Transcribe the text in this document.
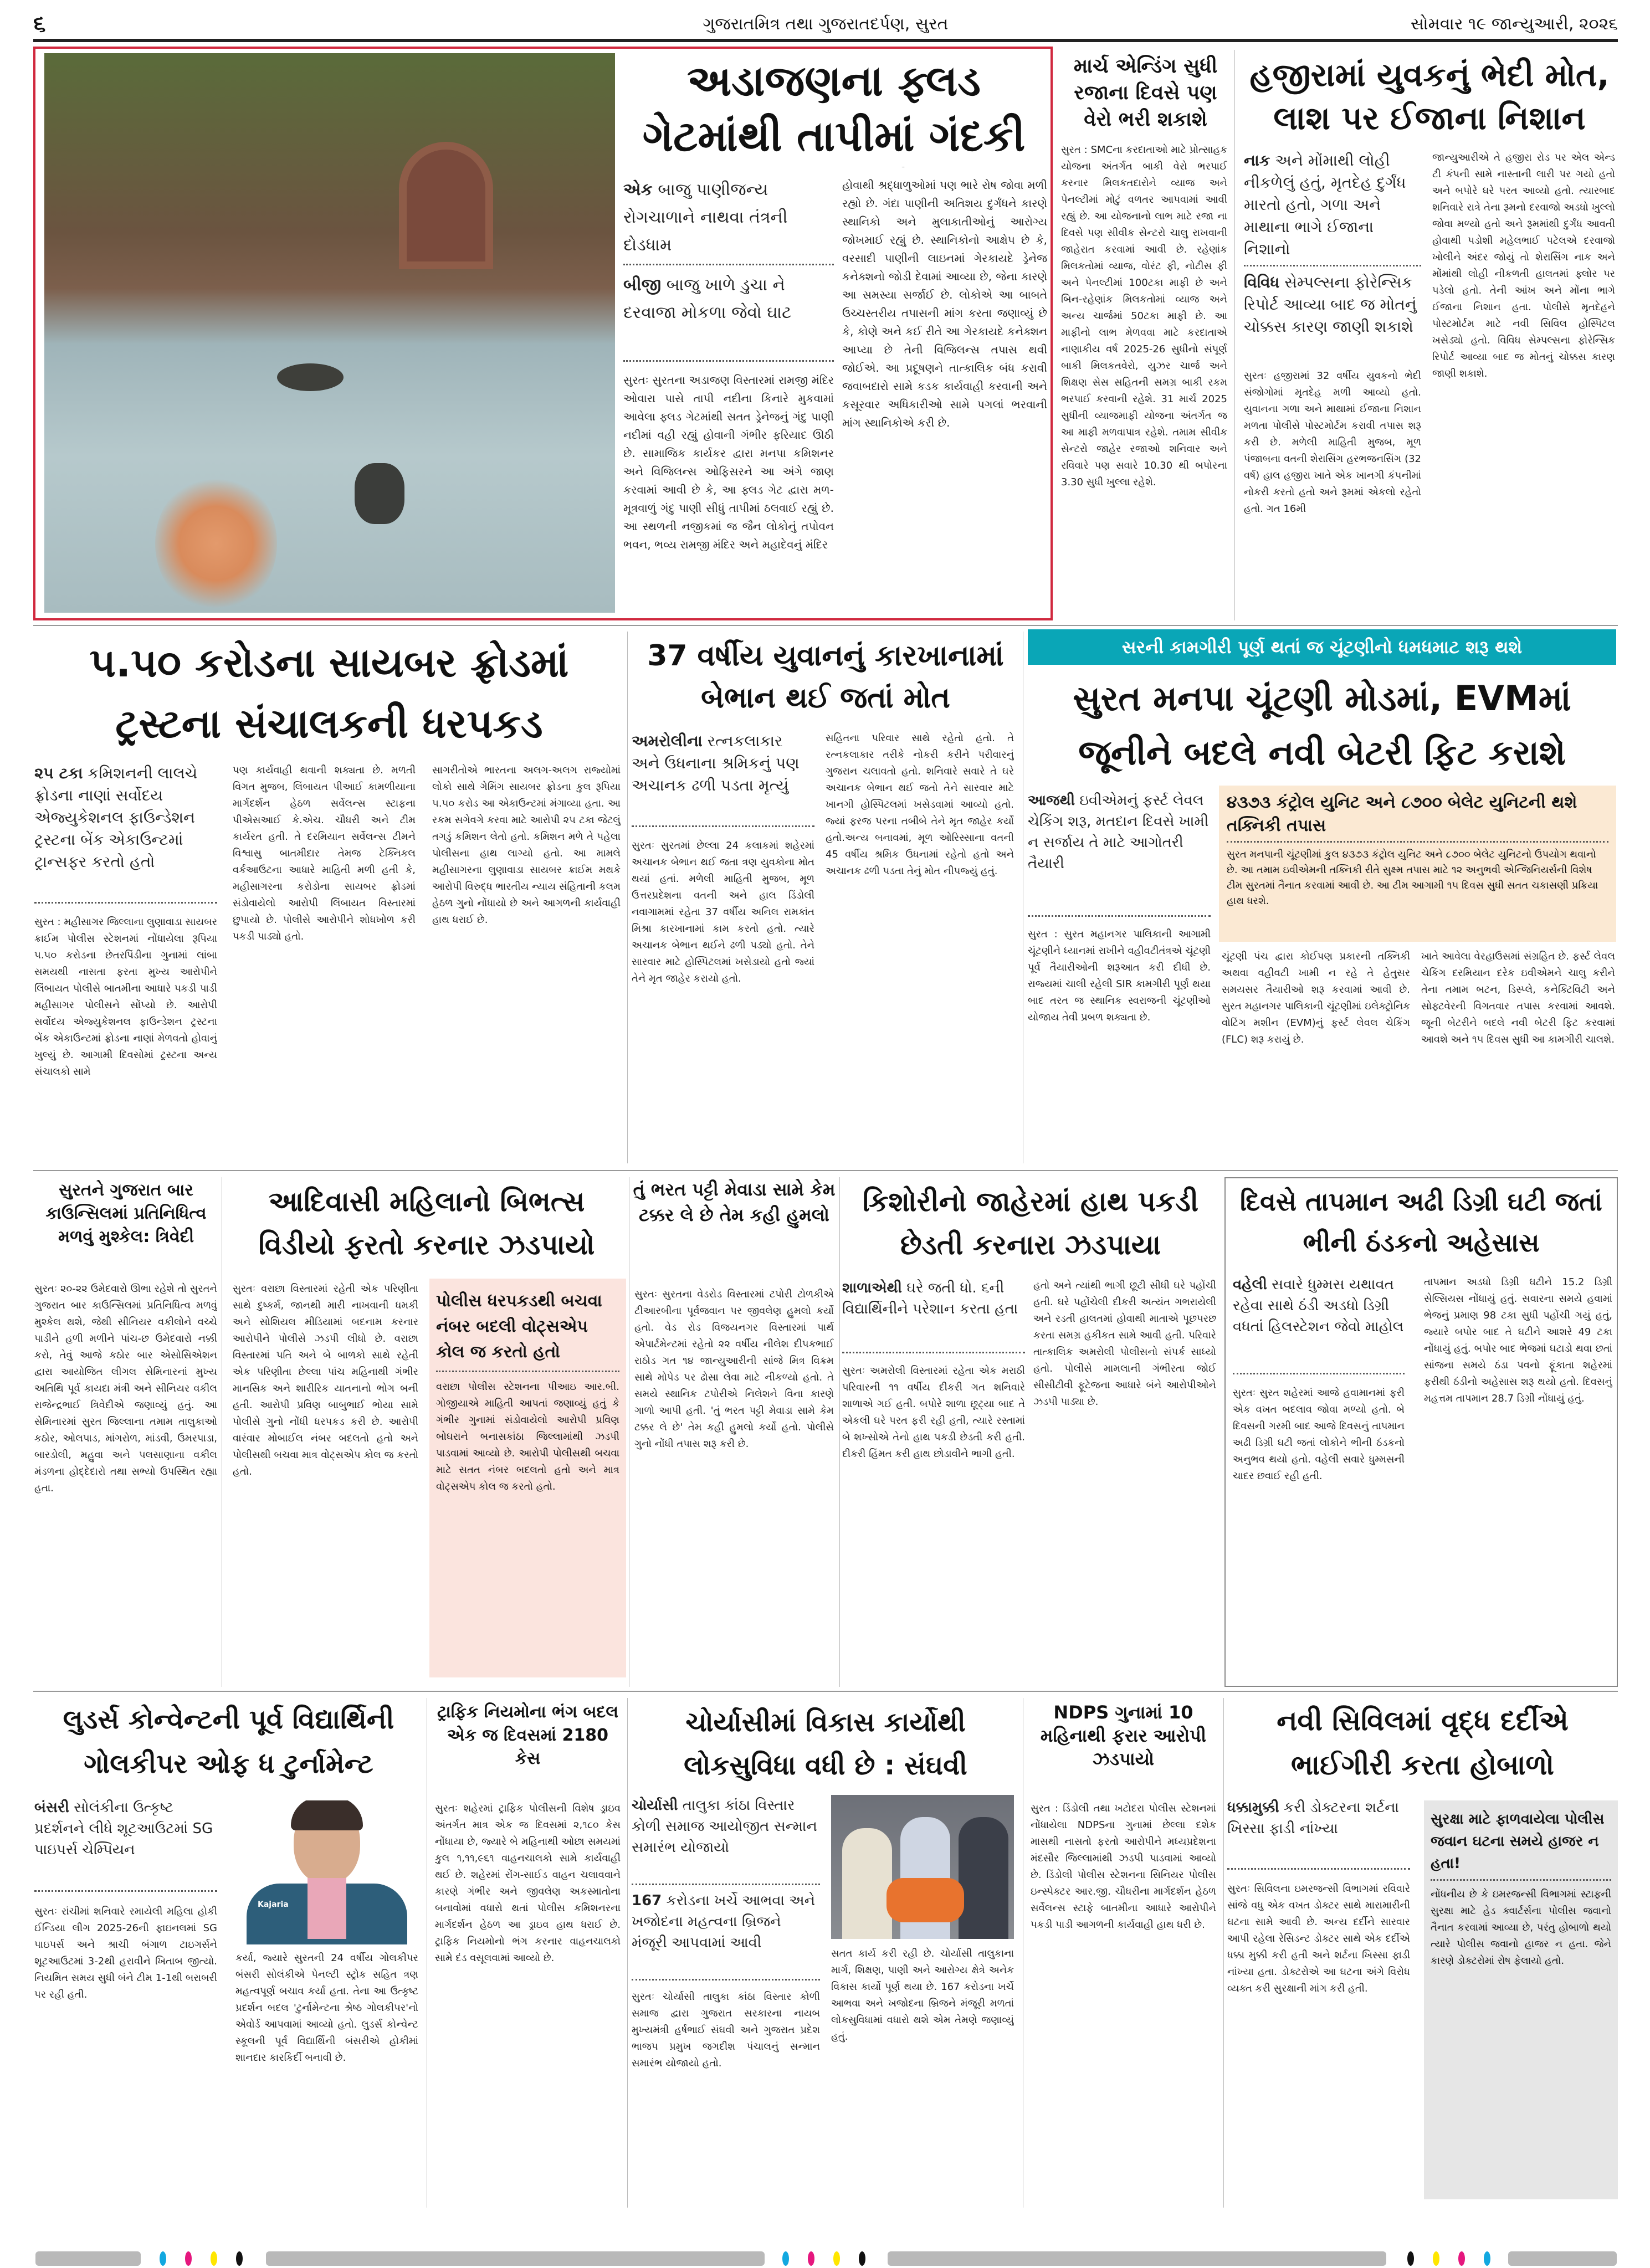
૬	ગુજરાતમિત્ર તથા ગુજરાતદર્પણ, સુરત	સોમવાર ૧૯ જાન્યુઆરી, ૨૦૨૬
અડાજણના ફ્લડ ગેટમાંથી તાપીમાં ગંદકી
એક બાજુ પાણીજન્ય રોગચાળાને નાથવા તંત્રની દોડધામ
બીજી બાજુ ખાળે ડુચા ને દરવાજા મોકળા જેવો ઘાટ
સુરતઃ સુરતના અડાજણ વિસ્તારમાં રામજી મંદિર ઓવારા પાસે તાપી નદીના કિનારે મુકવામાં આવેલા ફ્લડ ગેટમાંથી સતત ડ્રેનેજનું ગંદુ પાણી નદીમાં વહી રહ્યું હોવાની ગંભીર ફરિયાદ ઊઠી છે. સામાજિક કાર્યકર દ્વારા મનપા કમિશનર અને વિજિલન્સ ઓફિસરને આ અંગે જાણ કરવામાં આવી છે કે, આ ફ્લડ ગેટ દ્વારા મળ-મૂત્રવાળું ગંદુ પાણી સીધું તાપીમાં ઠલવાઈ રહ્યું છે. આ સ્થળની નજીકમાં જ જૈન લોકોનું તપોવન ભવન, ભવ્ય રામજી મંદિર અને મહાદેવનું મંદિર
હોવાથી શ્રદ્ધાળુઓમાં પણ ભારે રોષ જોવા મળી રહ્યો છે. ગંદા પાણીની અતિશય દુર્ગંધને કારણે સ્થાનિકો અને મુલાકાતીઓનું આરોગ્ય જોખમાઈ રહ્યું છે. સ્થાનિકોનો આક્ષેપ છે કે, વરસાદી પાણીની લાઇનમાં ગેરકાયદે ડ્રેનેજ કનેક્શનો જોડી દેવામાં આવ્યા છે, જેના કારણે આ સમસ્યા સર્જાઈ છે. લોકોએ આ બાબતે ઉચ્ચસ્તરીય તપાસની માંગ કરતા જણાવ્યું છે કે, કોણે અને કઈ રીતે આ ગેરકાયદે કનેક્શન આપ્યા છે તેની વિજિલન્સ તપાસ થવી જોઈએ. આ પ્રદૂષણને તાત્કાલિક બંધ કરાવી જવાબદારો સામે કડક કાર્યવાહી કરવાની અને કસૂરવાર અધિકારીઓ સામે પગલાં ભરવાની માંગ સ્થાનિકોએ કરી છે.
માર્ચ એન્ડિંગ સુધી રજાના દિવસે પણ વેરો ભરી શકાશે
સુરત : SMCના કરદાતાઓ માટે પ્રોત્સાહક યોજના અંતર્ગત બાકી વેરો ભરપાઈ કરનાર મિલકતદારોને વ્યાજ અને પેનલ્ટીમાં મોટું વળતર આપવામાં આવી રહ્યું છે. આ યોજનાનો લાભ માટે રજા ના દિવસે પણ સીવીક સેન્ટરો ચાલુ રાખવાની જાહેરાત કરવામાં આવી છે. રહેણાંક મિલકતોમાં વ્યાજ, વોરંટ ફી, નોટીસ ફી અને પેનલ્ટીમાં 100ટકા માફી છે અને બિન-રહેણાંક મિલકતોમાં વ્યાજ અને અન્ય ચાર્જમાં 50ટકા માફી છે. આ માફીનો લાભ મેળવવા માટે કરદાતાએ નાણાકીય વર્ષ 2025-26 સુધીનો સંપૂર્ણ બાકી મિલકતવેરો, યુઝર ચાર્જ અને શિક્ષણ સેસ સહિતની સમગ્ર બાકી રકમ ભરપાઈ કરવાની રહેશે. 31 માર્ચ 2025 સુધીની વ્યાજમાફી યોજના અંતર્ગત જ આ માફી મળવાપાત્ર રહેશે. તમામ સીવીક સેન્ટરો જાહેર રજાઓ શનિવાર અને રવિવારે પણ સવારે 10.30 થી બપોરના 3.30 સુધી ખુલ્લા રહેશે.
હજીરામાં યુવકનું ભેદી મોત, લાશ પર ઈજાના નિશાન
નાક અને મોંમાથી લોહી નીકળેલું હતું, મૃતદેહ દુર્ગંધ મારતો હતો, ગળા અને માથાના ભાગે ઈજાના નિશાનો
વિવિધ સેમ્પલ્સના ફોરેન્સિક રિપોર્ટ આવ્યા બાદ જ મોતનું ચોક્કસ કારણ જાણી શકાશે
સુરતઃ હજીરામાં 32 વર્ષીય યુવકનો ભેદી સંજોગોમાં મૃતદેહ મળી આવ્યો હતો. યુવાનના ગળા અને માથામાં ઈજાના નિશાન મળતા પોલીસે પોસ્ટમોર્ટમ કરાવી તપાસ શરૂ કરી છે. મળેલી માહિતી મુજબ, મૂળ પંજાબના વતની શેરાસિંગ હરભજનસિંગ (32 વર્ષ) હાલ હજીરા ખાતે એક ખાનગી કંપનીમાં નોકરી કરતો હતો અને રૂમમાં એકલો રહેતો હતો. ગત 16મી
જાન્યુઆરીએ તે હજીરા રોડ પર એલ એન્ડ ટી કંપની સામે નાસ્તાની લારી પર ગયો હતો અને બપોરે ઘરે પરત આવ્યો હતો. ત્યારબાદ શનિવારે રાત્રે તેના રૂમનો દરવાજો અડધો ખુલ્લો જોવા મળ્યો હતો અને રૂમમાંથી દુર્ગંધ આવતી હોવાથી પડોશી મહેલભાઈ પટેલએ દરવાજો ખોલીને અંદર જોયું તો શેરાસિંગ નાક અને મોંમાંથી લોહી નીકળતી હાલતમાં ફ્લોર પર પડેલો હતો. તેની આંખ અને મોંના ભાગે ઈજાના નિશાન હતા. પોલીસે મૃતદેહને પોસ્ટમોર્ટમ માટે નવી સિવિલ હોસ્પિટલ ખસેડ્યો હતો. વિવિધ સેમ્પલ્સના ફોરેન્સિક રિપોર્ટ આવ્યા બાદ જ મોતનું ચોક્કસ કારણ જાણી શકાશે.
૫.૫૦ કરોડના સાયબર ફ્રોડમાં
ટ્રસ્ટના સંચાલકની ધરપકડ
૨૫ ટકા કમિશનની લાલચે ફ્રોડના નાણાં સર્વોદય એજ્યુકેશનલ ફાઉન્ડેશન ટ્રસ્ટના બેંક એકાઉન્ટમાં ટ્રાન્સફર કરતો હતો
સુરત : મહીસાગર જિલ્લાના લુણાવાડા સાયબર ક્રાઈમ પોલીસ સ્ટેશનમાં નોંધાયેલા રૂપિયા ૫.૫૦ કરોડના છેતરપિંડીના ગુનામાં લાંબા સમયથી નાસતા ફરતા મુખ્ય આરોપીને લિંબાયત પોલીસે બાતમીના આધારે પકડી પાડી મહીસાગર પોલીસને સોંપ્યો છે. આરોપી સર્વોદય એજ્યુકેશનલ ફાઉન્ડેશન ટ્રસ્ટના બેંક એકાઉન્ટમાં ફ્રોડના નાણાં મેળવતો હોવાનું ખુલ્યું છે. આગામી દિવસોમાં ટ્રસ્ટના અન્ય સંચાલકો સામે
પણ કાર્યવાહી થવાની શક્યતા છે. મળતી વિગત મુજબ, લિંબાયત પીઆઈ કામળીયાના માર્ગદર્શન હેઠળ સર્વેલન્સ સ્ટાફના પીએસઆઈ કે.એચ. ચૌધરી અને ટીમ કાર્યરત હતી. તે દરમિયાન સર્વેલન્સ ટીમને વિશ્વાસુ બાતમીદાર તેમજ ટેક્નિકલ વર્કઆઉટના આધારે માહિતી મળી હતી કે, મહીસાગરના કરોડોના સાયબર ફ્રોડમાં સંડોવાયેલો આરોપી લિંબાયત વિસ્તારમાં છુપાયો છે. પોલીસે આરોપીને શોધખોળ કરી પકડી પાડ્યો હતો.
સાગરીતોએ ભારતના અલગ-અલગ રાજ્યોમાં લોકો સાથે ગેમિંગ સાયબર ફ્રોડના કુલ રૂપિયા ૫.૫૦ કરોડ આ એકાઉન્ટમાં મંગાવ્યા હતા. આ રકમ સગેવગે કરવા માટે આરોપી ૨૫ ટકા જેટલું તગડું કમિશન લેતો હતો. કમિશન મળે તે પહેલા પોલીસના હાથ લાગ્યો હતો. આ મામલે મહીસાગરના લુણાવાડા સાયબર ક્રાઈમ મથકે આરોપી વિરુદ્ધ ભારતીય ન્યાય સંહિતાની કલમ હેઠળ ગુનો નોંધાયો છે અને આગળની કાર્યવાહી હાથ ધરાઈ છે.
37 વર્ષીય યુવાનનું કારખાનામાં બેભાન થઈ જતાં મોત
અમરોલીના રત્નકલાકાર અને ઉધનાના શ્રમિકનું પણ અચાનક ઢળી પડતા મૃત્યું
સુરતઃ સુરતમાં છેલ્લા 24 કલાકમાં શહેરમાં અચાનક બેભાન થઈ જતા ત્રણ યુવકોના મોત થયાં હતાં. મળેલી માહિતી મુજબ, મૂળ ઉત્તરપ્રદેશના વતની અને હાલ ડિંડોલી નવાગામમાં રહેતા 37 વર્ષીય અનિલ રામકાંત મિશ્રા કારખાનામાં કામ કરતો હતો. ત્યારે અચાનક બેભાન થઈને ઢળી પડ્યો હતો. તેને સારવાર માટે હોસ્પિટલમાં ખસેડાયો હતો જ્યાં તેને મૃત જાહેર કરાયો હતો.
સહિતના પરિવાર સાથે રહેતો હતો. તે રત્નકલાકાર તરીકે નોકરી કરીને પરીવારનું ગુજરાન ચલાવતો હતો. શનિવારે સવારે તે ઘરે અચાનક બેભાન થઈ જતો તેને સારવાર માટે ખાનગી હોસ્પિટલમાં ખસેડવામાં આવ્યો હતો. જ્યાં ફરજ પરના તબીબે તેને મૃત જાહેર કર્યો હતો.અન્ય બનાવમાં, મૂળ ઓરિસ્સાના વતની 45 વર્ષીય શ્રમિક ઉધનામાં રહેતો હતો અને અચાનક ઢળી પડતા તેનું મોત નીપજ્યું હતું.
સરની કામગીરી પૂર્ણ થતાં જ ચૂંટણીનો ધમધમાટ શરૂ થશે
સુરત મનપા ચૂંટણી મોડમાં, EVMમાં
જૂનીને બદલે નવી બેટરી ફિટ કરાશે
આજથી ઇવીએમનું ફર્સ્ટ લેવલ ચેકિંગ શરૂ, મતદાન દિવસે ખામી ન સર્જાય તે માટે આગોતરી તૈયારી
૪૩૭૩ કંટ્રોલ યુનિટ અને ૮૭૦૦ બેલેટ યુનિટની થશે તક્નિકી તપાસ
સુરત મનપાની ચૂંટણીમાં કુલ ૪૩૭૩ કંટ્રોલ યુનિટ અને ૮૭૦૦ બેલેટ યુનિટનો ઉપયોગ થવાનો છે. આ તમામ ઇવીએમની તક્નિકી રીતે સુક્ષ્મ તપાસ માટે ૧૨ અનુભવી એન્જિનિયર્સની વિશેષ ટીમ સુરતમાં તૈનાત કરવામાં આવી છે. આ ટીમ આગામી ૧૫ દિવસ સુધી સતત ચકાસણી પ્રક્રિયા હાથ ધરશે.
સુરત : સુરત મહાનગર પાલિકાની આગામી ચૂંટણીને ધ્યાનમાં રાખીને વહીવટીતંત્રએ ચૂંટણી પૂર્વ તૈયારીઓની શરૂઆત કરી દીધી છે. રાજ્યમાં ચાલી રહેલી SIR કામગીરી પૂર્ણ થયા બાદ તરત જ સ્થાનિક સ્વરાજની ચૂંટણીઓ યોજાય તેવી પ્રબળ શક્યતા છે.
ચૂંટણી પંચ દ્વારા કોઈપણ પ્રકારની તક્નિકી અથવા વહીવટી ખામી ન રહે તે હેતુસર સમયસર તૈયારીઓ શરૂ કરવામાં આવી છે. સુરત મહાનગર પાલિકાની ચૂંટણીમાં ઇલેક્ટ્રોનિક વોટિંગ મશીન (EVM)નું ફર્સ્ટ લેવલ ચેકિંગ (FLC) શરૂ કરાયું છે.
ખાતે આવેલા વેરહાઉસમાં સંગ્રહિત છે. ફર્સ્ટ લેવલ ચેકિંગ દરમિયાન દરેક ઇવીએમને ચાલુ કરીને તેના તમામ બટન, ડિસ્પ્લે, કનેક્ટિવિટી અને સોફ્ટવેરની વિગતવાર તપાસ કરવામાં આવશે. જૂની બેટરીને બદલે નવી બેટરી ફિટ કરવામાં આવશે અને ૧૫ દિવસ સુધી આ કામગીરી ચાલશે.
સુરતને ગુજરાત બાર કાઉન્સિલમાં પ્રતિનિધિત્વ મળવું મુશ્કેલ: ત્રિવેદી
સુરતઃ ૨૦-૨૨ ઉમેદવારો ઊભા રહેશે તો સુરતને ગુજરાત બાર કાઉન્સિલમાં પ્રતિનિધિત્વ મળવું મુશ્કેલ થશે, જેથી સીનિયર વકીલોને વચ્ચે પાડીને હળી મળીને પાંચ-છ ઉમેદવારો નક્કી કરો, તેવું આજે કઠોર બાર એસોસિએશન દ્વારા આયોજિત લીગલ સેમિનારનાં મુખ્ય અતિથિ પૂર્વ કાયદા મંત્રી અને સીનિયર વકીલ રાજેન્દ્રભાઈ ત્રિવેદીએ જણાવ્યું હતું. આ સેમિનારમાં સુરત જિલ્લાના તમામ તાલુકાઓ કઠોર, ઓલપાડ, માંગરોળ, માંડવી, ઉમરપાડા, બારડોલી, મહુવા અને પલસાણાના વકીલ મંડળના હોદ્દેદારો તથા સભ્યો ઉપસ્થિત રહ્યા હતા.
આદિવાસી મહિલાનો બિભત્સ વિડીયો ફરતો કરનાર ઝડપાયો
સુરતઃ વરાછા વિસ્તારમાં રહેતી એક પરિણીતા સાથે દુષ્કર્મ, જાનથી મારી નાખવાની ધમકી અને સોશિયલ મીડિયામાં બદનામ કરનાર આરોપીને પોલીસે ઝડપી લીધો છે. વરાછા વિસ્તારમાં પતિ અને બે બાળકો સાથે રહેતી એક પરિણીતા છેલ્લા પાંચ મહિનાથી ગંભીર માનસિક અને શારીરિક યાતનાનો ભોગ બની હતી. આરોપી પ્રવિણ બાબુભાઈ ભોયા સામે પોલીસે ગુનો નોંધી ધરપકડ કરી છે. આરોપી વારંવાર મોબાઈલ નંબર બદલતો હતો અને પોલીસથી બચવા માત્ર વોટ્સએપ કોલ જ કરતો હતો.
પોલીસ ધરપકડથી બચવા નંબર બદલી વોટ્સએપ કોલ જ કરતો હતો
વરાછા પોલીસ સ્ટેશનના પીઆઇ આર.બી. ગોજીયાએ માહિતી આપતાં જણાવ્યું હતું કે ગંભીર ગુનામાં સંડોવાયેલો આરોપી પ્રવિણ બોઘરાને બનાસકાંઠા જિલ્લામાંથી ઝડપી પાડવામાં આવ્યો છે. આરોપી પોલીસથી બચવા માટે સતત નંબર બદલતો હતો અને માત્ર વોટ્સએપ કોલ જ કરતો હતો.
તું ભરત પટ્ટી મેવાડા સામે કેમ ટક્કર લે છે તેમ કહી હુમલો
સુરતઃ સુરતના વેડરોડ વિસ્તારમાં ટપોરી ટોળકીએ ટીઆરબીના પૂર્વજવાન પર જીવલેણ હુમલો કર્યો હતો. વેડ રોડ વિજયનગર વિસ્તારમાં પાર્થ એપાર્ટમેન્ટમાં રહેતો ૨૨ વર્ષીય નીલેશ દીપકભાઈ રાઠોડ ગત ૧૪ જાન્યુઆરીની સાંજે મિત્ર વિક્રમ સાથે મોપેડ પર ઢોસા લેવા માટે નીકળ્યો હતો. તે સમયે સ્થાનિક ટપોરીએ નિલેશને વિના કારણે ગાળો આપી હતી. 'તું ભરત પટ્ટી મેવાડા સામે કેમ ટક્કર લે છે' તેમ કહી હુમલો કર્યો હતો. પોલીસે ગુનો નોંધી તપાસ શરૂ કરી છે.
કિશોરીનો જાહેરમાં હાથ પકડી છેડતી કરનારા ઝડપાયા
શાળાએથી ઘરે જતી ધો. ૬ની વિદ્યાર્થિનીને પરેશાન કરતા હતા
સુરતઃ અમરોલી વિસ્તારમાં રહેતા એક મરાઠી પરિવારની ૧૧ વર્ષીય દીકરી ગત શનિવારે શાળાએ ગઈ હતી. બપોરે શાળા છૂટ્યા બાદ તે એકલી ઘરે પરત ફરી રહી હતી, ત્યારે રસ્તામાં બે શખ્સોએ તેનો હાથ પકડી છેડતી કરી હતી. દીકરી હિંમત કરી હાથ છોડાવીને ભાગી હતી.
હતો અને ત્યાંથી ભાગી છૂટી સીધી ઘરે પહોંચી હતી. ઘરે પહોંચેલી દીકરી અત્યંત ગભરાયેલી અને રડતી હાલતમાં હોવાથી માતાએ પૂછપરછ કરતા સમગ્ર હકીકત સામે આવી હતી. પરિવારે તાત્કાલિક અમરોલી પોલીસનો સંપર્ક સાધ્યો હતો. પોલીસે મામલાની ગંભીરતા જોઈ સીસીટીવી ફૂટેજના આધારે બંને આરોપીઓને ઝડપી પાડ્યા છે.
દિવસે તાપમાન અઢી ડિગ્રી ઘટી જતાં ભીની ઠંડકનો અહેસાસ
વહેલી સવારે ધુમ્મસ યથાવત રહેવા સાથે ઠંડી અડધો ડિગ્રી વધતાં હિલસ્ટેશન જેવો માહોલ
સુરતઃ સુરત શહેરમાં આજે હવામાનમાં ફરી એક વખત બદલાવ જોવા મળ્યો હતો. બે દિવસની ગરમી બાદ આજે દિવસનું તાપમાન અઢી ડિગ્રી ઘટી જતાં લોકોને ભીની ઠંડકનો અનુભવ થયો હતો. વહેલી સવારે ધુમ્મસની ચાદર છવાઈ રહી હતી.
તાપમાન અડધો ડિગ્રી ઘટીને 15.2 ડિગ્રી સેલ્સિયસ નોંધાયું હતું. સવારના સમયે હવામાં ભેજનું પ્રમાણ 98 ટકા સુધી પહોંચી ગયું હતું, જ્યારે બપોર બાદ તે ઘટીને આશરે 49 ટકા નોંધાયું હતું. બપોર બાદ ભેજમાં ઘટાડો થવા છતાં સાંજના સમયે ઠંડા પવનો ફૂંકાતા શહેરમાં ફરીથી ઠંડીનો અહેસાસ શરૂ થયો હતો. દિવસનું મહત્તમ તાપમાન 28.7 ડિગ્રી નોંધાયું હતું.
લુડર્સ કોન્વેન્ટની પૂર્વ વિદ્યાર્થિની ગોલકીપર ઓફ ધ ટુર્નામેન્ટ
બંસરી સોલંકીના ઉત્કૃષ્ટ પ્રદર્શનને લીધે શૂટઆઉટમાં SG પાઇપર્સ ચેમ્પિયન
સુરતઃ રાંચીમાં શનિવારે રમાયેલી મહિલા હોકી ઈન્ડિયા લીગ 2025-26ની ફાઇનલમાં SG પાઇપર્સ અને શ્રાચી બંગાળ ટાઇગર્સને શૂટઆઉટમાં 3-2થી હરાવીને ખિતાબ જીત્યો. નિયમિત સમય સુધી બંને ટીમ 1-1થી બરાબરી પર રહી હતી.
Kajaria
કર્યા, જ્યારે સુરતની 24 વર્ષીય ગોલકીપર બંસરી સોલંકીએ પેનલ્ટી સ્ટ્રોક સહિત ત્રણ મહત્વપૂર્ણ બચાવ કર્યા હતા. તેના આ ઉત્કૃષ્ટ પ્રદર્શન બદલ 'ટુર્નામેન્ટના શ્રેષ્ઠ ગોલકીપર'નો એવોર્ડ આપવામાં આવ્યો હતો. લુડર્સ કોન્વેન્ટ સ્કૂલની પૂર્વ વિદ્યાર્થિની બંસરીએ હોકીમાં શાનદાર કારકિર્દી બનાવી છે.
ટ્રાફિક નિયમોના ભંગ બદલ એક જ દિવસમાં 2180 કેસ
સુરતઃ શહેરમાં ટ્રાફિક પોલીસની વિશેષ ડ્રાઇવ અંતર્ગત માત્ર એક જ દિવસમાં ૨,૧૮૦ કેસ નોંધાયા છે, જ્યારે બે મહિનાથી ઓછા સમયમાં કુલ ૧,૧૧,૯૬૧ વાહનચાલકો સામે કાર્યવાહી થઈ છે. શહેરમાં રોંગ-સાઈડ વાહન ચલાવવાને કારણે ગંભીર અને જીવલેણ અકસ્માતોના બનાવોમાં વધારો થતાં પોલીસ કમિશનરના માર્ગદર્શન હેઠળ આ ડ્રાઇવ હાથ ધરાઈ છે. ટ્રાફિક નિયમોનો ભંગ કરનાર વાહનચાલકો સામે દંડ વસૂલવામાં આવ્યો છે.
ચોર્યાસીમાં વિકાસ કાર્યોથી લોકસુવિધા વધી છે : સંઘવી
ચોર્યાસી તાલુકા કાંઠા વિસ્તાર કોળી સમાજ આયોજીત સન્માન સમારંભ યોજાયો
167 કરોડના ખર્ચે આભવા અને ખજોદના મહત્વના બ્રિજને મંજૂરી આપવામાં આવી
સુરતઃ ચોર્યાસી તાલુકા કાંઠા વિસ્તાર કોળી સમાજ દ્વારા ગુજરાત સરકારના નાયબ મુખ્યમંત્રી હર્ષભાઈ સંઘવી અને ગુજરાત પ્રદેશ ભાજપ પ્રમુખ જગદીશ પંચાલનું સન્માન સમારંભ યોજાયો હતો.
સતત કાર્ય કરી રહી છે. ચોર્યાસી તાલુકાના માર્ગ, શિક્ષણ, પાણી અને આરોગ્ય ક્ષેત્રે અનેક વિકાસ કાર્યો પૂર્ણ થયા છે. 167 કરોડના ખર્ચે આભવા અને ખજોદના બ્રિજને મંજૂરી મળતાં લોકસુવિધામાં વધારો થશે એમ તેમણે જણાવ્યું હતું.
NDPS ગુનામાં 10 મહિનાથી ફરાર આરોપી ઝડપાયો
સુરત : ડિંડોલી તથા ખટોદરા પોલીસ સ્ટેશનમાં નોંધાયેલા NDPSના ગુનામાં છેલ્લા દશેક માસથી નાસતો ફરતો આરોપીને મધ્યપ્રદેશના મંદસૌર જિલ્લામાંથી ઝડપી પાડવામાં આવ્યો છે. ડિંડોલી પોલીસ સ્ટેશનના સિનિયર પોલીસ ઇન્સ્પેક્ટર આર.જી. ચૌધરીના માર્ગદર્શન હેઠળ સર્વેલન્સ સ્ટાફે બાતમીના આધારે આરોપીને પકડી પાડી આગળની કાર્યવાહી હાથ ધરી છે.
નવી સિવિલમાં વૃદ્ધ દર્દીએ ભાઈગીરી કરતા હોબાળો
ધક્કામુક્કી કરી ડોક્ટરના શર્ટના ખિસ્સા ફાડી નાંખ્યા
સુરતઃ સિવિલના ઇમરજન્સી વિભાગમાં રવિવારે સાંજે વધુ એક વખત ડોક્ટર સાથે મારામારીની ઘટના સામે આવી છે. અન્ય દર્દીને સારવાર આપી રહેલા રેસિડન્ટ ડોક્ટર સાથે એક દર્દીએ ધક્કા મુક્કી કરી હતી અને શર્ટના ખિસ્સા ફાડી નાંખ્યા હતા. ડોક્ટરોએ આ ઘટના અંગે વિરોધ વ્યક્ત કરી સુરક્ષાની માંગ કરી હતી.
સુરક્ષા માટે ફાળવાયેલા પોલીસ જવાન ઘટના સમયે હાજર ન હતા!
નોંધનીય છે કે ઇમરજન્સી વિભાગમાં સ્ટાફની સુરક્ષા માટે હેડ ક્વાર્ટર્સના પોલીસ જવાનો તૈનાત કરવામાં આવ્યા છે, પરંતુ હોબાળો થયો ત્યારે પોલીસ જવાનો હાજર ન હતા. જેને કારણે ડોક્ટરોમાં રોષ ફેલાયો હતો.
